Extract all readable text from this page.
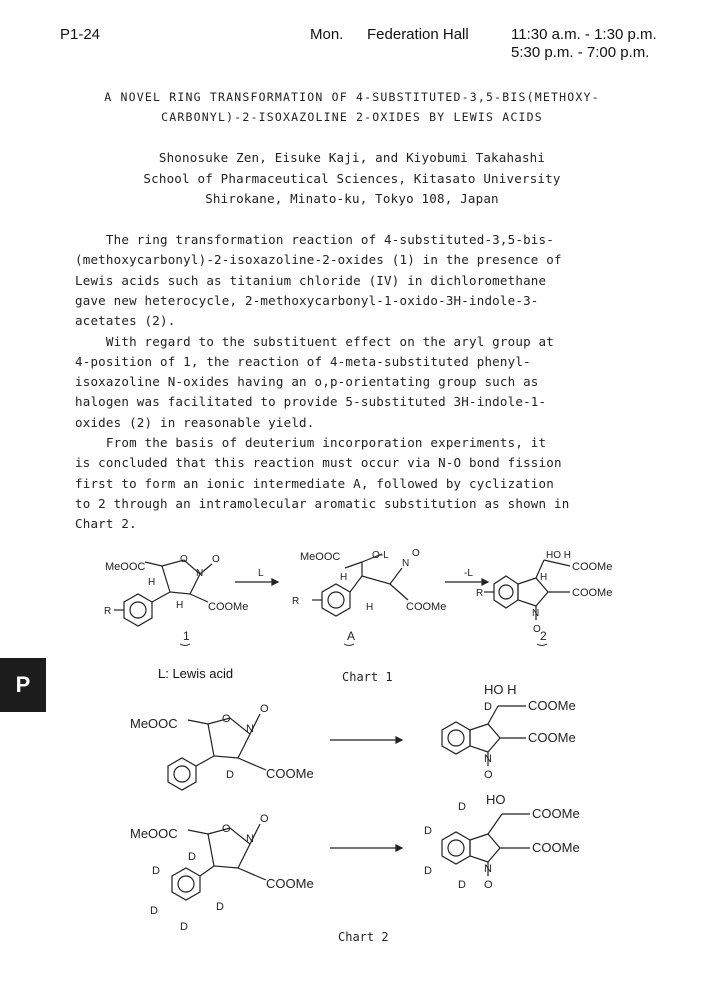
P1-24	Mon. Federation Hall	11:30 a.m. - 1:30 p.m.
5:30 p.m. - 7:00 p.m.
A NOVEL RING TRANSFORMATION OF 4-SUBSTITUTED-3,5-BIS(METHOXY-
CARBONYL)-2-ISOXAZOLINE 2-OXIDES BY LEWIS ACIDS
Shonosuke Zen, Eisuke Kaji, and Kiyobumi Takahashi
School of Pharmaceutical Sciences, Kitasato University
Shirokane, Minato-ku, Tokyo 108, Japan
The ring transformation reaction of 4-substituted-3,5-bis-
(methoxycarbonyl)-2-isoxazoline-2-oxides (1) in the presence of
Lewis acids such as titanium chloride (IV) in dichloromethane
gave new heterocycle, 2-methoxycarbonyl-1-oxido-3H-indole-3-
acetates (2).
With regard to the substituent effect on the aryl group at
4-position of 1, the reaction of 4-meta-substituted phenyl-
isoxazoline N-oxides having an o,p-orientating group such as
halogen was facilitated to provide 5-substituted 3H-indole-1-
oxides (2) in reasonable yield.
From the basis of deuterium incorporation experiments, it
is concluded that this reaction must occur via N-O bond fission
first to form an ionic intermediate A, followed by cyclization
to 2 through an intramolecular aromatic substitution as shown in
Chart 2.
P
MeOOC
N
O
O
H
H COOMe
R
L
MeOOC	O-L
N
O
H
H	COOMe
R
-L
HO H
COOMe
COOMe
H
N
O
R
1	A	2
L: Lewis acid	Chart 1
MeOOC	O
N
O
D COOMe
HO H
D	COOMe
COOMe
N
O
MeOOC	O
N
O
COOMe
D
D
D
D
D
D
D
D
D
HO
COOMe
COOMe
N
O
Chart 2
